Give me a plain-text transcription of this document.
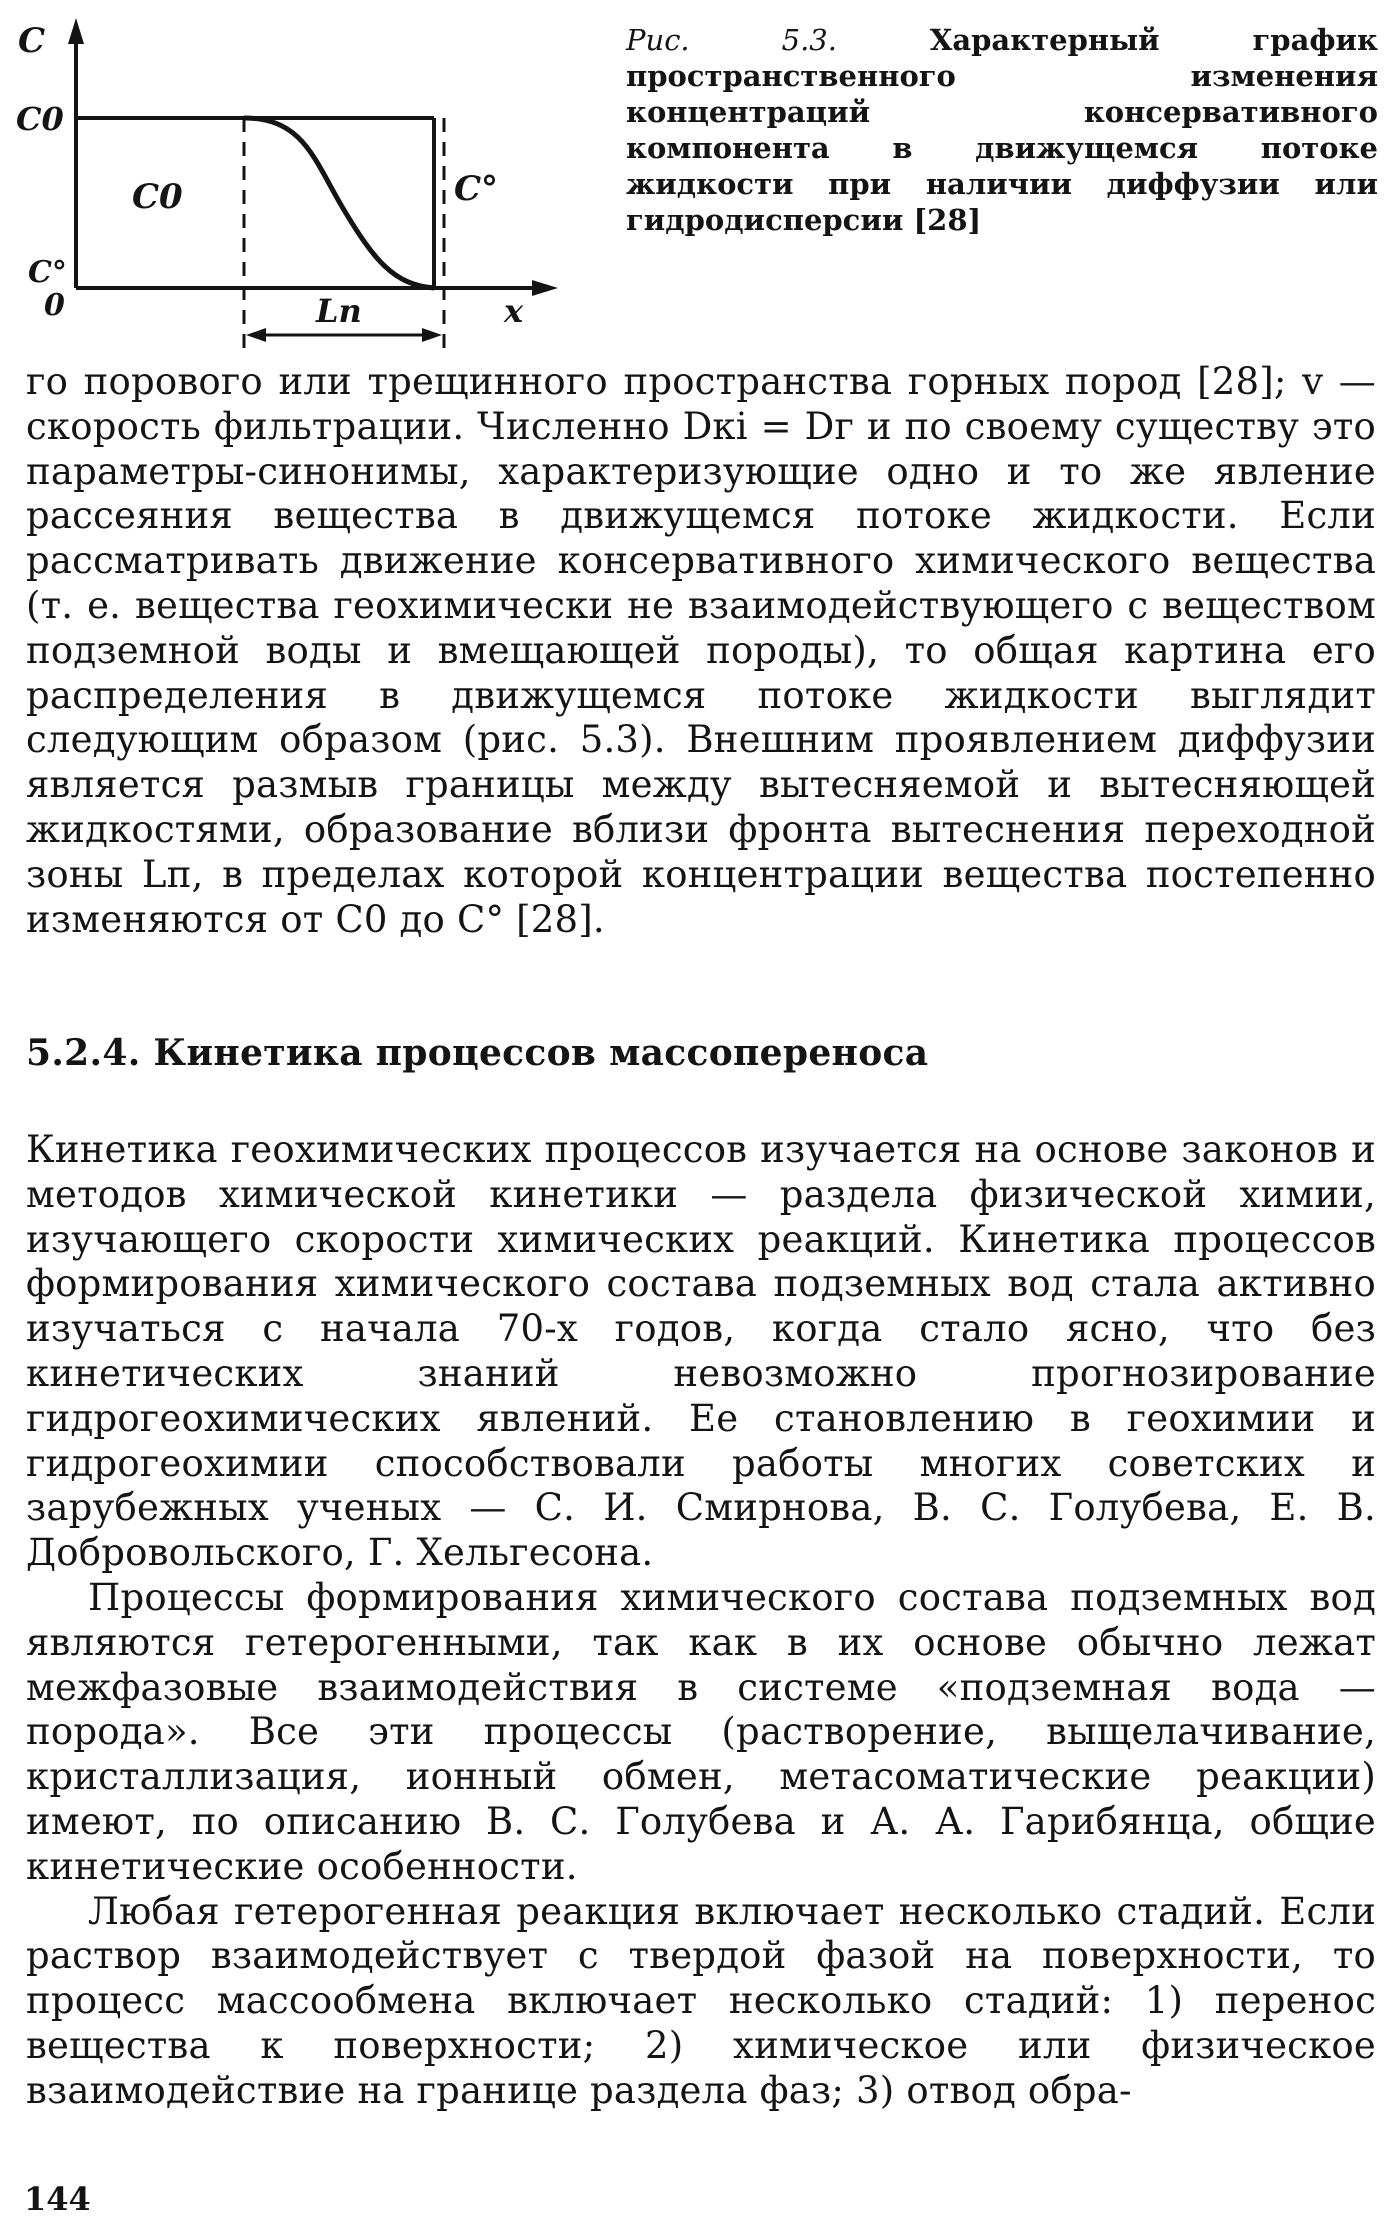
C
C0
C0	C°
C°
0	x
Lп
Рис. 5.3.	Характерный график пространственного изменения концентраций консервативного компонента в движущемся потоке жидкости при наличии диффузии или гидродисперсии [28]

го порового или трещинного пространства горных пород [28]; v — скорость фильтрации. Численно Dкi = Dг и по своему существу это параметры-синонимы, характеризующие одно и то же явление рассеяния вещества в движущемся потоке жидкости. Если рассматривать движение консервативного химического вещества (т. е. вещества геохимически не взаимодействующего с веществом подземной воды и вмещающей породы), то общая картина его распределения в движущемся потоке жидкости выглядит следующим образом (рис. 5.3). Внешним проявлением диффузии является размыв границы между вытесняемой и вытесняющей жидкостями, образование вблизи фронта вытеснения переходной зоны Lп, в пределах которой концентрации вещества постепенно изменяются от C0 до C° [28].

5.2.4. Кинетика процессов массопереноса

Кинетика геохимических процессов изучается на основе законов и методов химической кинетики — раздела физической химии, изучающего скорости химических реакций. Кинетика процессов формирования химического состава подземных вод стала активно изучаться с начала 70-х годов, когда стало ясно, что без кинетических знаний невозможно прогнозирование гидрогеохимических явлений. Ее становлению в геохимии и гидрогеохимии способствовали работы многих советских и зарубежных ученых — С. И. Смирнова, В. С. Голубева, Е. В. Добровольского, Г. Хельгесона.

Процессы формирования химического состава подземных вод являются гетерогенными, так как в их основе обычно лежат межфазовые взаимодействия в системе «подземная вода — порода». Все эти процессы (растворение, выщелачивание, кристаллизация, ионный обмен, метасоматические реакции) имеют, по описанию В. С. Голубева и А. А. Гарибянца, общие кинетические особенности.

Любая гетерогенная реакция включает несколько стадий. Если раствор взаимодействует с твердой фазой на поверхности, то процесс массообмена включает несколько стадий: 1) перенос вещества к поверхности; 2) химическое или физическое взаимодействие на границе раздела фаз; 3) отвод обра-

144
